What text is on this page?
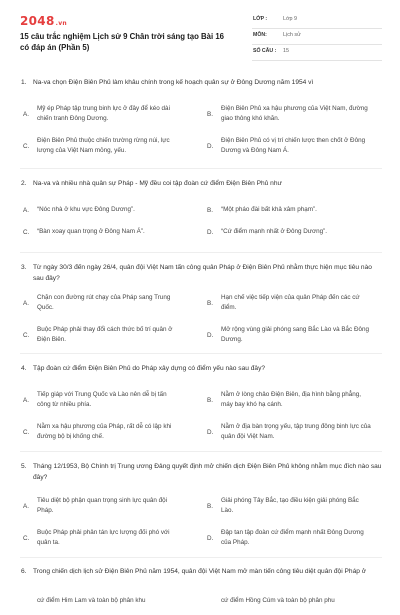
2048.vn
15 câu trắc nghiệm Lịch sử 9 Chân trời sáng tạo Bài 16 có đáp án (Phần 5)
LỚP :	Lớp 9
MÔN:	Lịch sử
SỐ CÂU : 15
1. Na-va chọn Điện Biên Phủ làm khâu chính trong kế hoạch quân sự ở Đông Dương năm 1954 vì
A.
Mỹ ép Pháp tập trung binh lực ở đây để kéo dài chiến tranh Đông Dương.
B.
Điện Biên Phủ xa hậu phương của Việt Nam, đường giao thông khó khăn.
C.
Điện Biên Phủ thuộc chiến trường rừng núi, lực lượng của Việt Nam mỏng, yếu.
D.
Điện Biên Phủ có vị trí chiến lược then chốt ở Đông Dương và Đông Nam Á.
2. Na-va và nhiều nhà quân sự Pháp - Mỹ đều coi tập đoàn cứ điểm Điện Biên Phủ như
A.	“Nóc nhà ở khu vực Đông Dương”.	B.	“Một pháo đài bất khả xâm phạm”.
C.	“Bàn xoay quan trọng ở Đông Nam Á”.	D.	“Cứ điểm mạnh nhất ở Đông Dương”.
3. Từ ngày 30/3 đến ngày 26/4, quân đội Việt Nam tấn công quân Pháp ở Điện Biên Phủ nhằm thực hiện mục tiêu nào sau đây?
A.
Chặn con đường rút chạy của Pháp sang Trung Quốc.
B.
Hạn chế việc tiếp viện của quân Pháp đến các cứ điểm.
C.
Buộc Pháp phải thay đổi cách thức bố trí quân ở Điện Biên.
D.
Mở rộng vùng giải phóng sang Bắc Lào và Bắc Đông Dương.
4. Tập đoàn cứ điểm Điện Biên Phủ do Pháp xây dựng có điểm yếu nào sau đây?
A.
Tiếp giáp với Trung Quốc và Lào nên dễ bị tấn công từ nhiều phía.
B.
Nằm ở lòng chảo Điện Biên, địa hình bằng phẳng, máy bay khó hạ cánh.
C.
Nằm xa hậu phương của Pháp, rất dễ có lập khi đường bộ bị khống chế.
D.
Nằm ở địa bàn trọng yếu, tập trung đông binh lực của quân đội Việt Nam.
5. Tháng 12/1953, Bộ Chính trị Trung ương Đảng quyết định mở chiến dịch Điện Biên Phủ không nhằm mục đích nào sau đây?
A.
Tiêu diệt bộ phận quan trọng sinh lực quân đội Pháp.
B.
Giải phóng Tây Bắc, tạo điều kiện giải phóng Bắc Lào.
C.
Buộc Pháp phải phân tán lực lượng đối phó với quân ta.
D.
Đập tan tập đoàn cứ điểm mạnh nhất Đông Dương của Pháp.
6. Trong chiến dịch lịch sử Điện Biên Phủ năm 1954, quân đội Việt Nam mở màn tiến công tiêu diệt quân đội Pháp ở
cứ điểm Him Lam và toàn bộ phân khu	cứ điểm Hồng Cúm và toàn bộ phân phu
